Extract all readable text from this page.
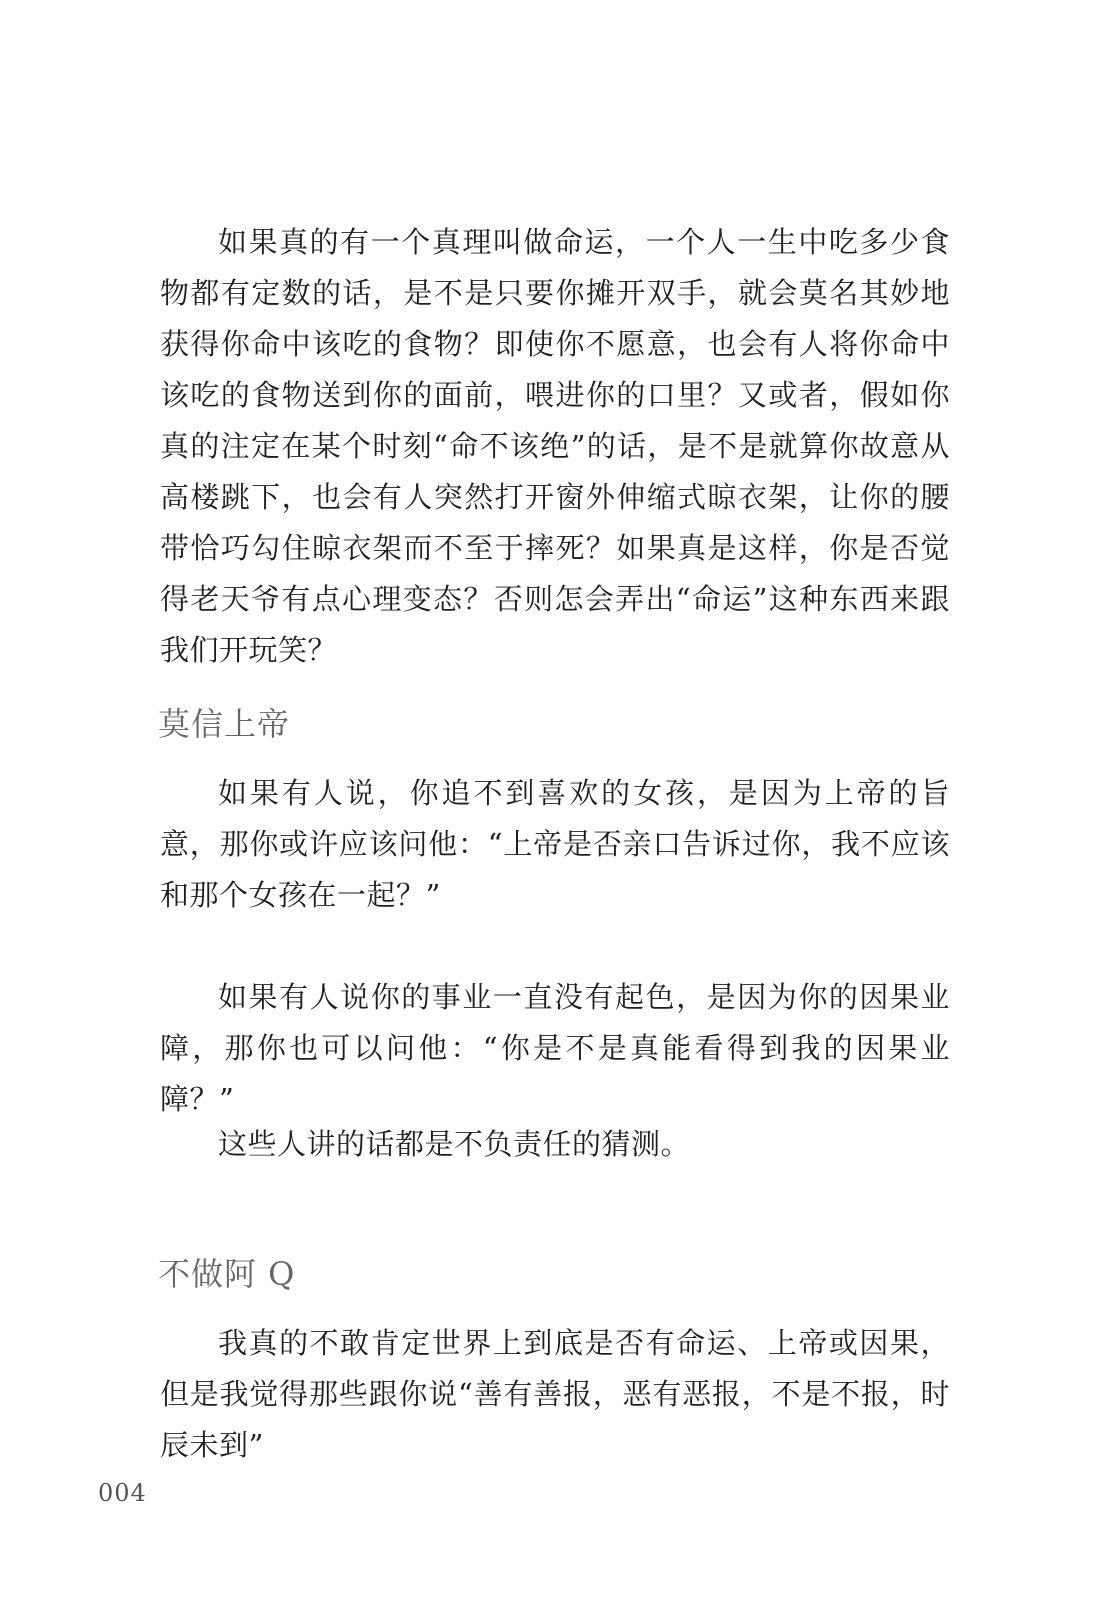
如果真的有一个真理叫做命运，一个人一生中吃多少食物都有定数的话，是不是只要你摊开双手，就会莫名其妙地获得你命中该吃的食物？即使你不愿意，也会有人将你命中该吃的食物送到你的面前，喂进你的口里？又或者，假如你真的注定在某个时刻“命不该绝”的话，是不是就算你故意从高楼跳下，也会有人突然打开窗外伸缩式晾衣架，让你的腰带恰巧勾住晾衣架而不至于摔死？如果真是这样，你是否觉得老天爷有点心理变态？否则怎会弄出“命运”这种东西来跟我们开玩笑？

莫信上帝

如果有人说，你追不到喜欢的女孩，是因为上帝的旨意，那你或许应该问他：“上帝是否亲口告诉过你，我不应该和那个女孩在一起？”

如果有人说你的事业一直没有起色，是因为你的因果业障，那你也可以问他：“你是不是真能看得到我的因果业障？”

这些人讲的话都是不负责任的猜测。

不做阿 Q

我真的不敢肯定世界上到底是否有命运、上帝或因果，但是我觉得那些跟你说“善有善报，恶有恶报，不是不报，时辰未到”

004
